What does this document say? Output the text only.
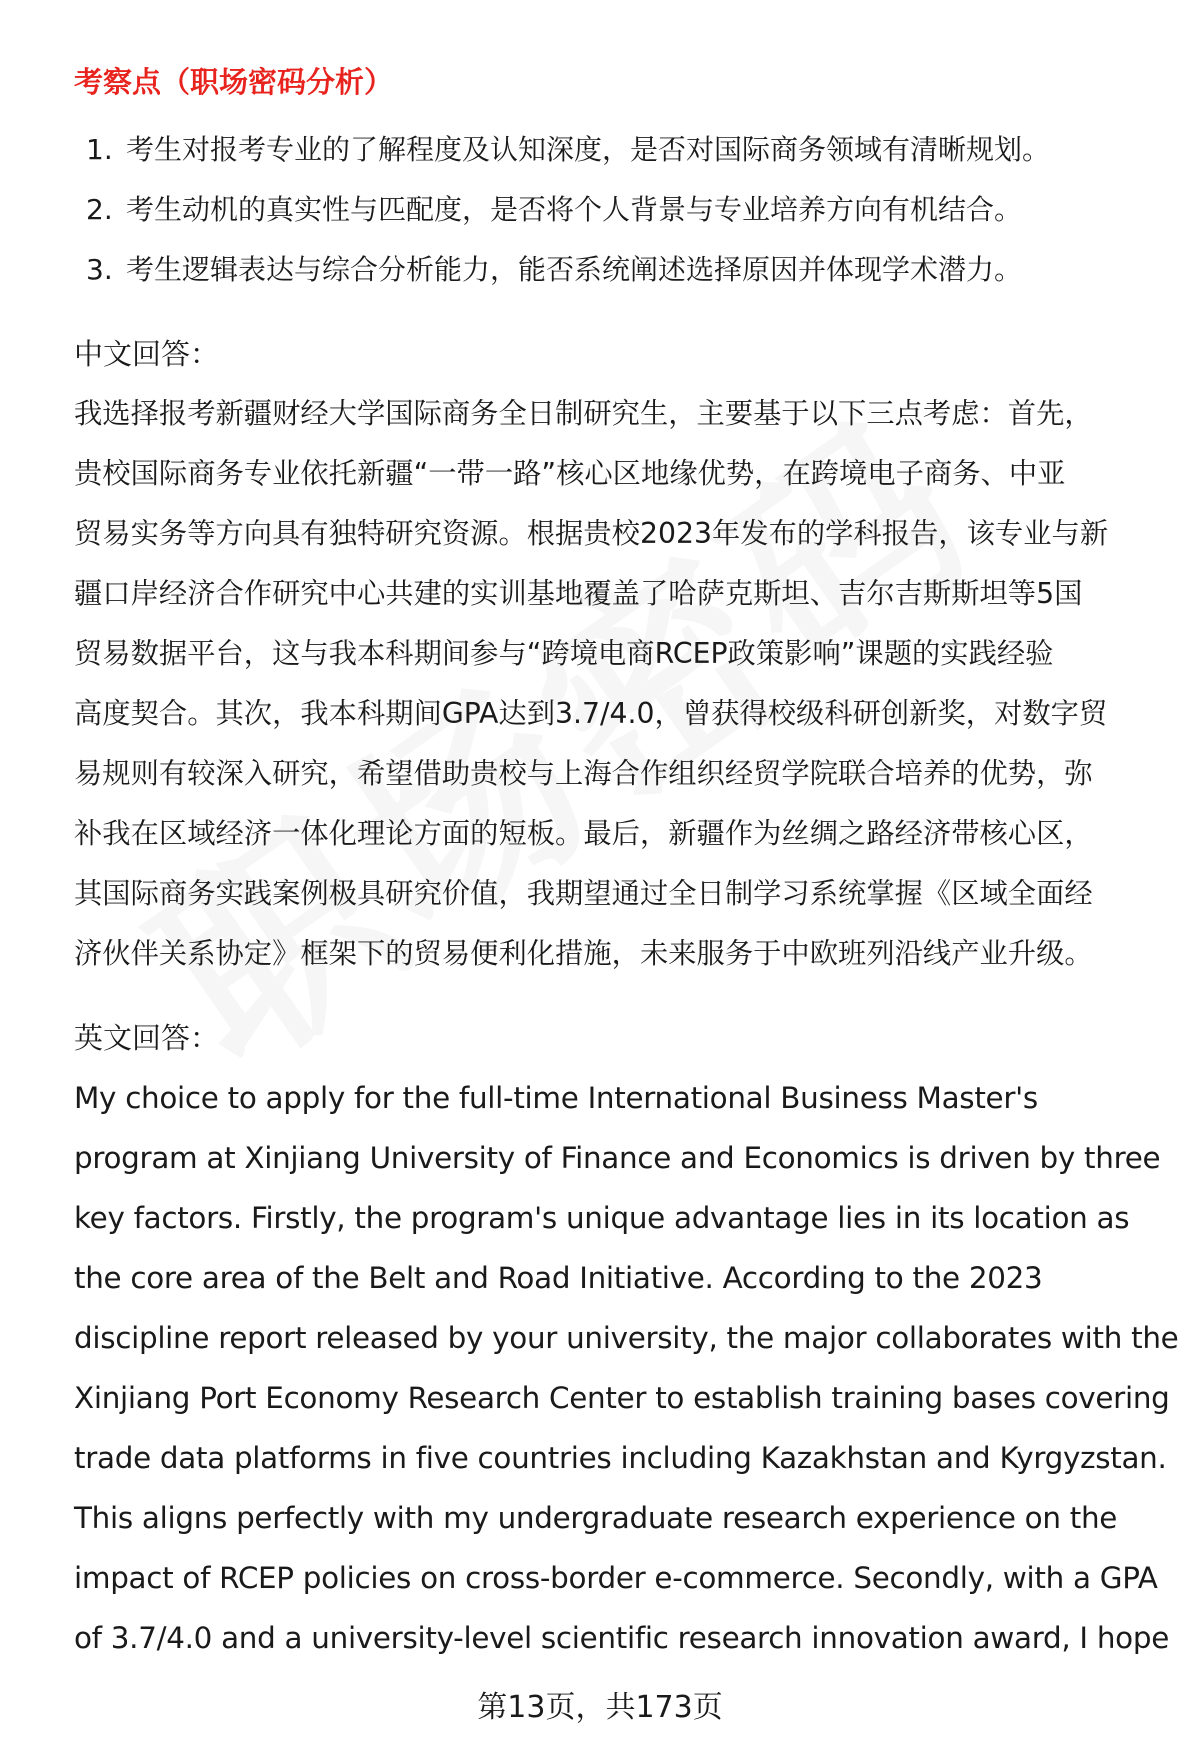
考察点（职场密码分析）
1. 考生对报考专业的了解程度及认知深度，是否对国际商务领域有清晰规划。
2. 考生动机的真实性与匹配度，是否将个人背景与专业培养方向有机结合。
3. 考生逻辑表达与综合分析能力，能否系统阐述选择原因并体现学术潜力。
中文回答：

我选择报考新疆财经大学国际商务全日制研究生，主要基于以下三点考虑：首先，
贵校国际商务专业依托新疆“一带一路”核心区地缘优势，在跨境电子商务、中亚
贸易实务等方向具有独特研究资源。根据贵校2023年发布的学科报告，该专业与新
疆口岸经济合作研究中心共建的实训基地覆盖了哈萨克斯坦、吉尔吉斯斯坦等5国
贸易数据平台，这与我本科期间参与“跨境电商RCEP政策影响”课题的实践经验
高度契合。其次，我本科期间GPA达到3.7/4.0，曾获得校级科研创新奖，对数字贸
易规则有较深入研究，希望借助贵校与上海合作组织经贸学院联合培养的优势，弥
补我在区域经济一体化理论方面的短板。最后，新疆作为丝绸之路经济带核心区，
其国际商务实践案例极具研究价值，我期望通过全日制学习系统掌握《区域全面经
济伙伴关系协定》框架下的贸易便利化措施，未来服务于中欧班列沿线产业升级。

英文回答：

My choice to apply for the full-time International Business Master's
program at Xinjiang University of Finance and Economics is driven by three
key factors. Firstly, the program's unique advantage lies in its location as
the core area of the Belt and Road Initiative. According to the 2023
discipline report released by your university, the major collaborates with the
Xinjiang Port Economy Research Center to establish training bases covering
trade data platforms in five countries including Kazakhstan and Kyrgyzstan.
This aligns perfectly with my undergraduate research experience on the
impact of RCEP policies on cross-border e-commerce. Secondly, with a GPA
of 3.7/4.0 and a university-level scientific research innovation award, I hope

第13页，共173页
